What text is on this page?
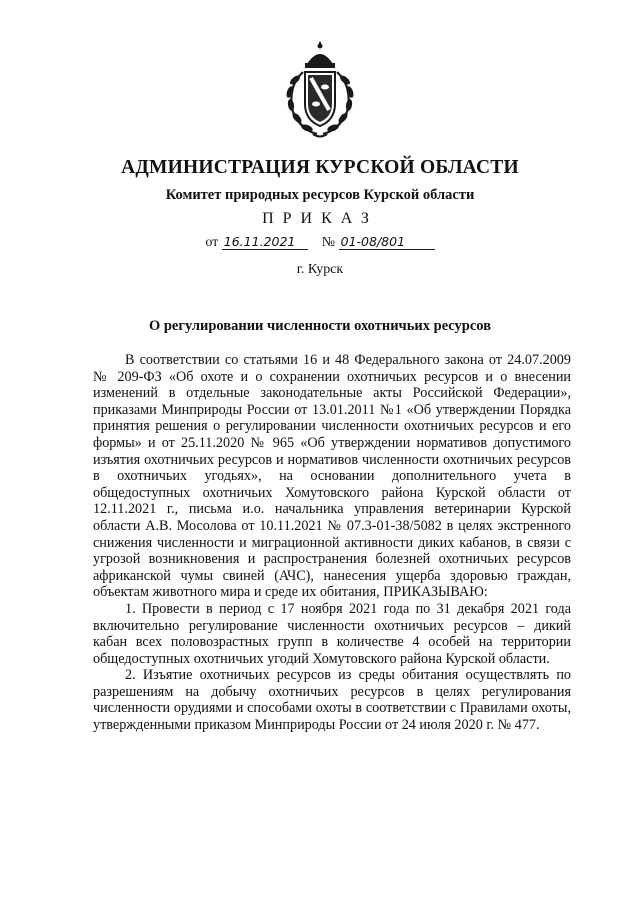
АДМИНИСТРАЦИЯ КУРСКОЙ ОБЛАСТИ
Комитет природных ресурсов Курской области
ПРИКАЗ
от 16.11.2021 № 01-08/801
г. Курск
О регулировании численности охотничьих ресурсов

В соответствии со статьями 16 и 48 Федерального закона от 24.07.2009 № 209-ФЗ «Об охоте и о сохранении охотничьих ресурсов и о внесении изменений в отдельные законодательные акты Российской Федерации», приказами Минприроды России от 13.01.2011 №1 «Об утверждении Порядка принятия решения о регулировании численности охотничьих ресурсов и его формы» и от 25.11.2020 № 965 «Об утверждении нормативов допустимого изъятия охотничьих ресурсов и нормативов численности охотничьих ресурсов в охотничьих угодьях», на основании дополнительного учета в общедоступных охотничьих Хомутовского района Курской области от 12.11.2021 г., письма и.о. начальника управления ветеринарии Курской области А.В. Мосолова от 10.11.2021 № 07.3-01-38/5082 в целях экстренного снижения численности и миграционной активности диких кабанов, в связи с угрозой возникновения и распространения болезней охотничьих ресурсов африканской чумы свиней (АЧС), нанесения ущерба здоровью граждан, объектам животного мира и среде их обитания, ПРИКАЗЫВАЮ:

1. Провести в период с 17 ноября 2021 года по 31 декабря 2021 года включительно регулирование численности охотничьих ресурсов – дикий кабан всех половозрастных групп в количестве 4 особей на территории общедоступных охотничьих угодий Хомутовского района Курской области.

2. Изъятие охотничьих ресурсов из среды обитания осуществлять по разрешениям на добычу охотничьих ресурсов в целях регулирования численности орудиями и способами охоты в соответствии с Правилами охоты, утвержденными приказом Минприроды России от 24 июля 2020 г. № 477.
